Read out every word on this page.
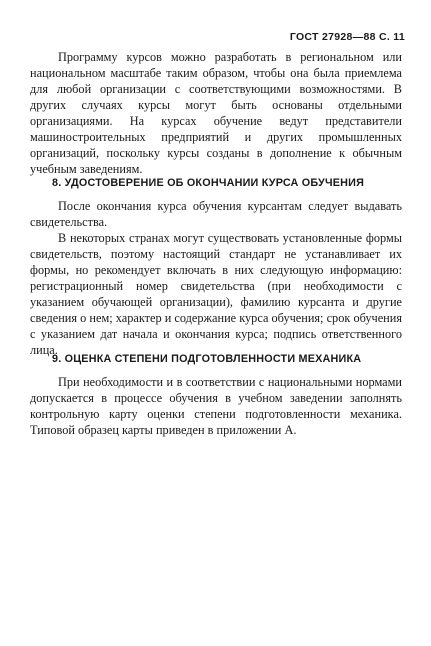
ГОСТ 27928—88 С. 11

Программу курсов можно разработать в региональном или национальном масштабе таким образом, чтобы она была приемлема для любой организации с соответствующими возможностями. В других случаях курсы могут быть основаны отдельными организациями. На курсах обучение ведут представители машиностроительных предприятий и других промышленных организаций, поскольку курсы созданы в дополнение к обычным учебным заведениям.

8. УДОСТОВЕРЕНИЕ ОБ ОКОНЧАНИИ КУРСА ОБУЧЕНИЯ

После окончания курса обучения курсантам следует выдавать свидетельства.

В некоторых странах могут существовать установленные формы свидетельств, поэтому настоящий стандарт не устанавливает их формы, но рекомендует включать в них следующую информацию: регистрационный номер свидетельства (при необходимости с указанием обучающей организации), фамилию курсанта и другие сведения о нем; характер и содержание курса обучения; срок обучения с указанием дат начала и окончания курса; подпись ответственного лица.

9. ОЦЕНКА СТЕПЕНИ ПОДГОТОВЛЕННОСТИ МЕХАНИКА

При необходимости и в соответствии с национальными нормами допускается в процессе обучения в учебном заведении заполнять контрольную карту оценки степени подготовленности механика. Типовой образец карты приведен в приложении А.
